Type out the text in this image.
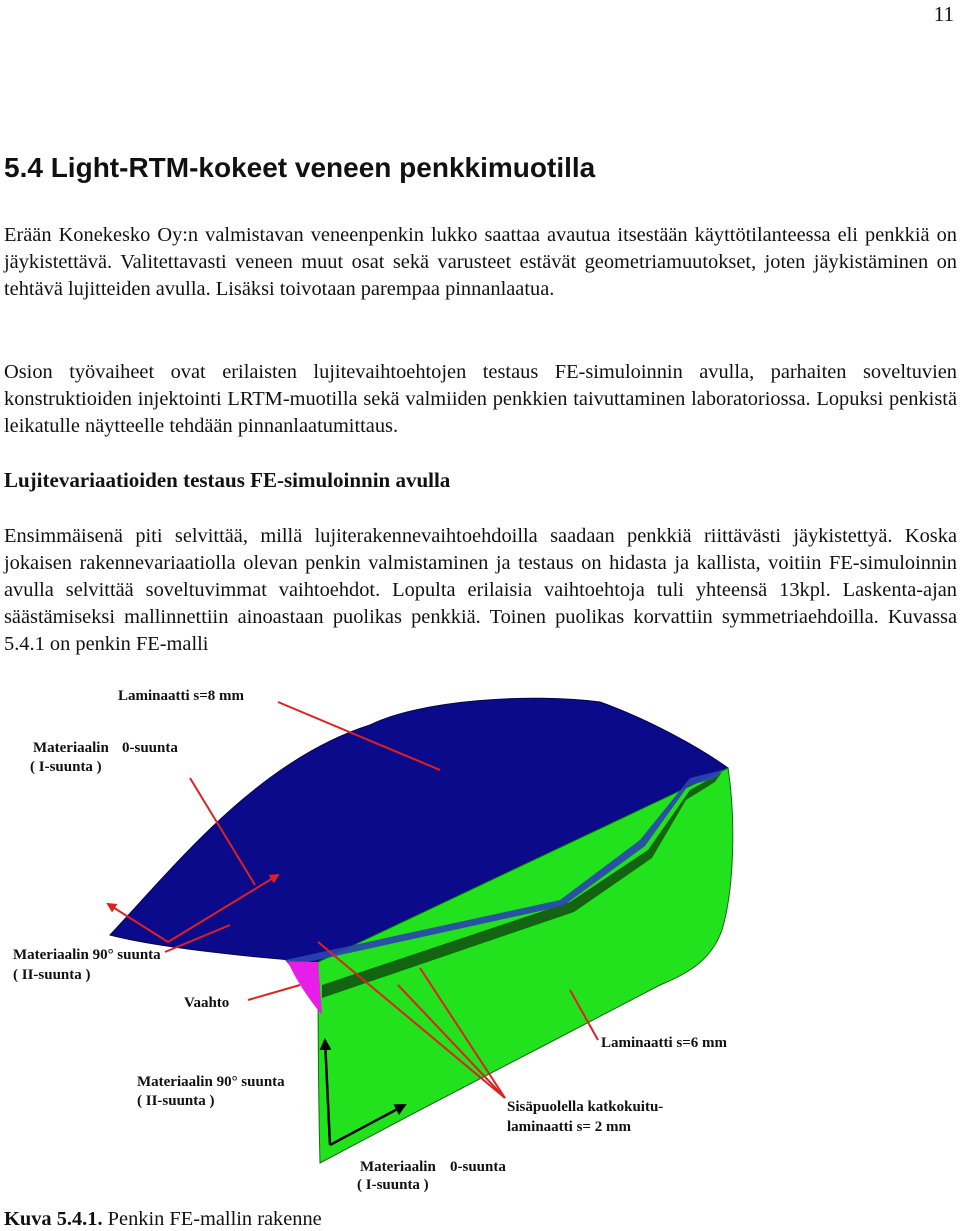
11
5.4 Light-RTM-kokeet veneen penkkimuotilla

Erään Konekesko Oy:n valmistavan veneenpenkin lukko saattaa avautua itsestään käyttötilanteessa eli penkkiä on jäykistettävä. Valitettavasti veneen muut osat sekä varusteet estävät geometriamuutokset, joten jäykistäminen on tehtävä lujitteiden avulla. Lisäksi toivotaan parempaa pinnanlaatua.

Osion työvaiheet ovat erilaisten lujitevaihtoehtojen testaus FE-simuloinnin avulla, parhaiten soveltuvien konstruktioiden injektointi LRTM-muotilla sekä valmiiden penkkien taivuttaminen laboratoriossa. Lopuksi penkistä leikatulle näytteelle tehdään pinnanlaatumittaus.

Lujitevariaatioiden testaus FE-simuloinnin avulla

Ensimmäisenä piti selvittää, millä lujiterakennevaihtoehdoilla saadaan penkkiä riittävästi jäykistettyä. Koska jokaisen rakennevariaatiolla olevan penkin valmistaminen ja testaus on hidasta ja kallista, voitiin FE-simuloinnin avulla selvittää soveltuvimmat vaihtoehdot. Lopulta erilaisia vaihtoehtoja tuli yhteensä 13kpl. Laskenta-ajan säästämiseksi mallinnettiin ainoastaan puolikas penkkiä. Toinen puolikas korvattiin symmetriaehdoilla. Kuvassa 5.4.1 on penkin FE-malli

Laminaatti s=8 mm
Materiaalin 0-suunta
( I-suunta )
Materiaalin 90° suunta
( II-suunta )
Vaahto
Laminaatti s=6 mm
Materiaalin 90° suunta
( II-suunta )	Sisäpuolella katkokuitu-
laminaatti s= 2 mm
Materiaalin 0-suunta
( I-suunta )
Kuva 5.4.1. Penkin FE-mallin rakenne
